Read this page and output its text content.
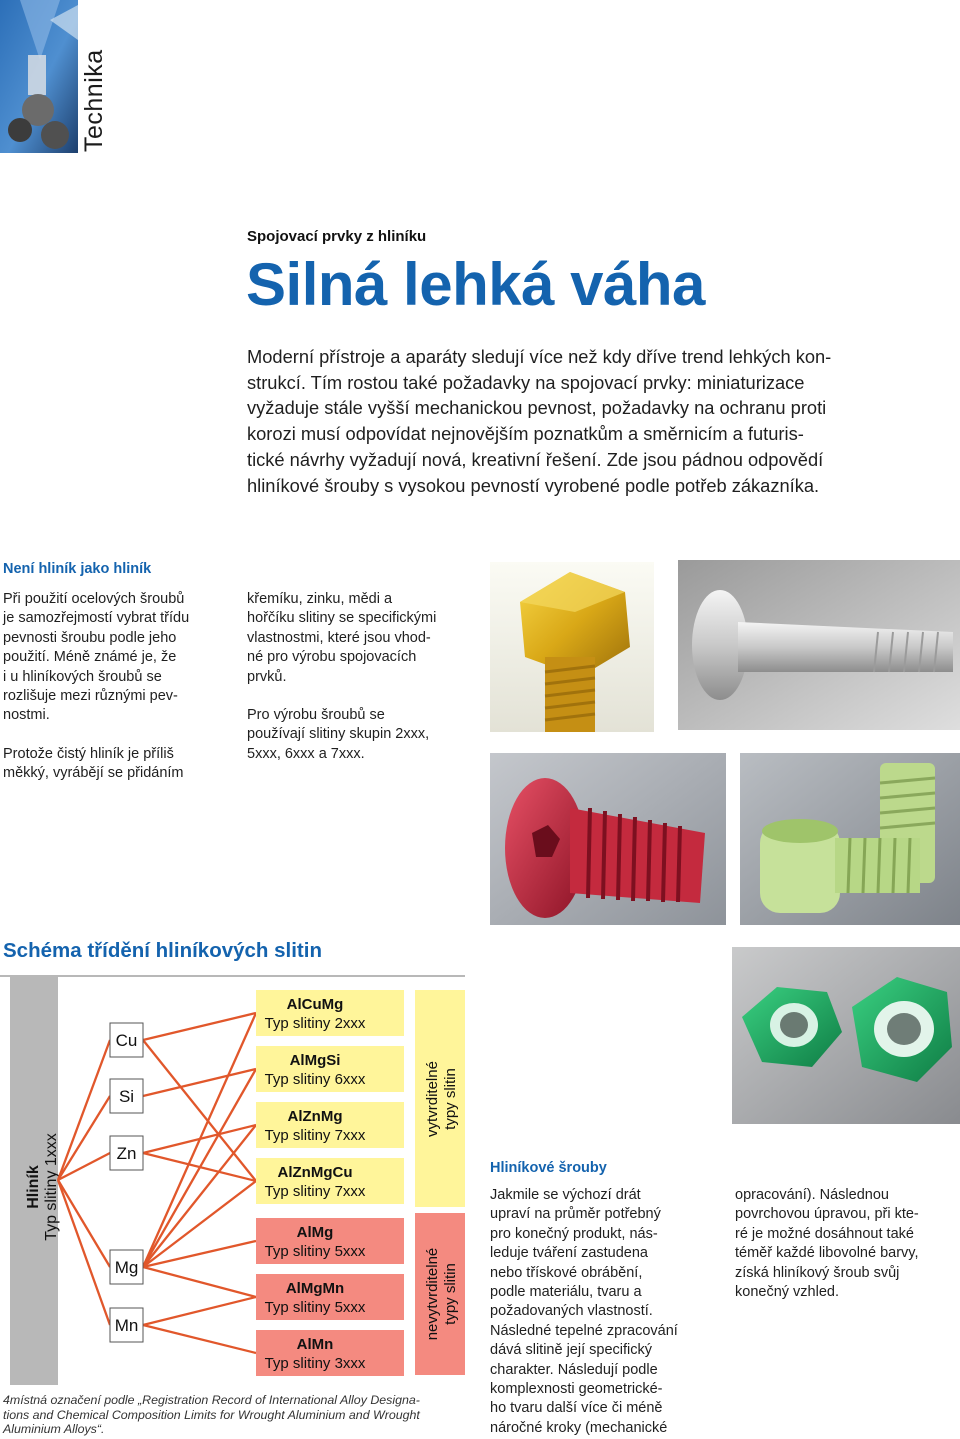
Technika
Spojovací prvky z hliníku
Silná lehká váha
Moderní přístroje a aparáty sledují více než kdy dříve trend lehkých kon-
strukcí. Tím rostou také požadavky na spojovací prvky: miniaturizace
vyžaduje stále vyšší mechanickou pevnost, požadavky na ochranu proti
korozi musí odpovídat nejnovějším poznatkům a směrnicím a futuris-
tické návrhy vyžadují nová, kreativní řešení. Zde jsou pádnou odpovědí
hliníkové šrouby s vysokou pevností vyrobené podle potřeb zákazníka.
Není hliník jako hliník

Při použití ocelových šroubů
je samozřejmostí vybrat třídu
pevnosti šroubu podle jeho
použití. Méně známé je, že
i u hliníkových šroubů se
rozlišuje mezi různými pev-
nostmi.

Protože čistý hliník je příliš
měkký, vyrábějí se přidáním

křemíku, zinku, mědi a
hořčíku slitiny se specifickými
vlastnostmi, které jsou vhod-
né pro výrobu spojovacích
prvků.

Pro výrobu šroubů se
používají slitiny skupin 2xxx,
5xxx, 6xxx a 7xxx.

Schéma třídění hliníkových slitin
Hliník Typ slitiny 1xxx
Cu
Si
Zn
Mg
Mn
AlCuMg
Typ slitiny 2xxx
AlMgSi
Typ slitiny 6xxx
AlZnMg
Typ slitiny 7xxx
AlZnMgCu
Typ slitiny 7xxx
AlMg
Typ slitiny 5xxx
AlMgMn
Typ slitiny 5xxx
AlMn
Typ slitiny 3xxx
vytvrditelné typy slitin
nevytvrditelné typy slitin
4místná označení podle „Registration Record of International Alloy Designa-
tions and Chemical Composition Limits for Wrought Aluminium and Wrought
Aluminium Alloys“.
Hliníkové šrouby
Jakmile se výchozí drát
upraví na průměr potřebný
pro konečný produkt, nás-
leduje tváření zastudena
nebo třískové obrábění,
podle materiálu, tvaru a
požadovaných vlastností.
Následné tepelné zpracování
dává slitině její specifický
charakter. Následují podle
komplexnosti geometrické-
ho tvaru další více či méně
náročné kroky (mechanické
opracování). Následnou
povrchovou úpravou, při kte-
ré je možné dosáhnout také
téměř každé libovolné barvy,
získá hliníkový šroub svůj
konečný vzhled.
